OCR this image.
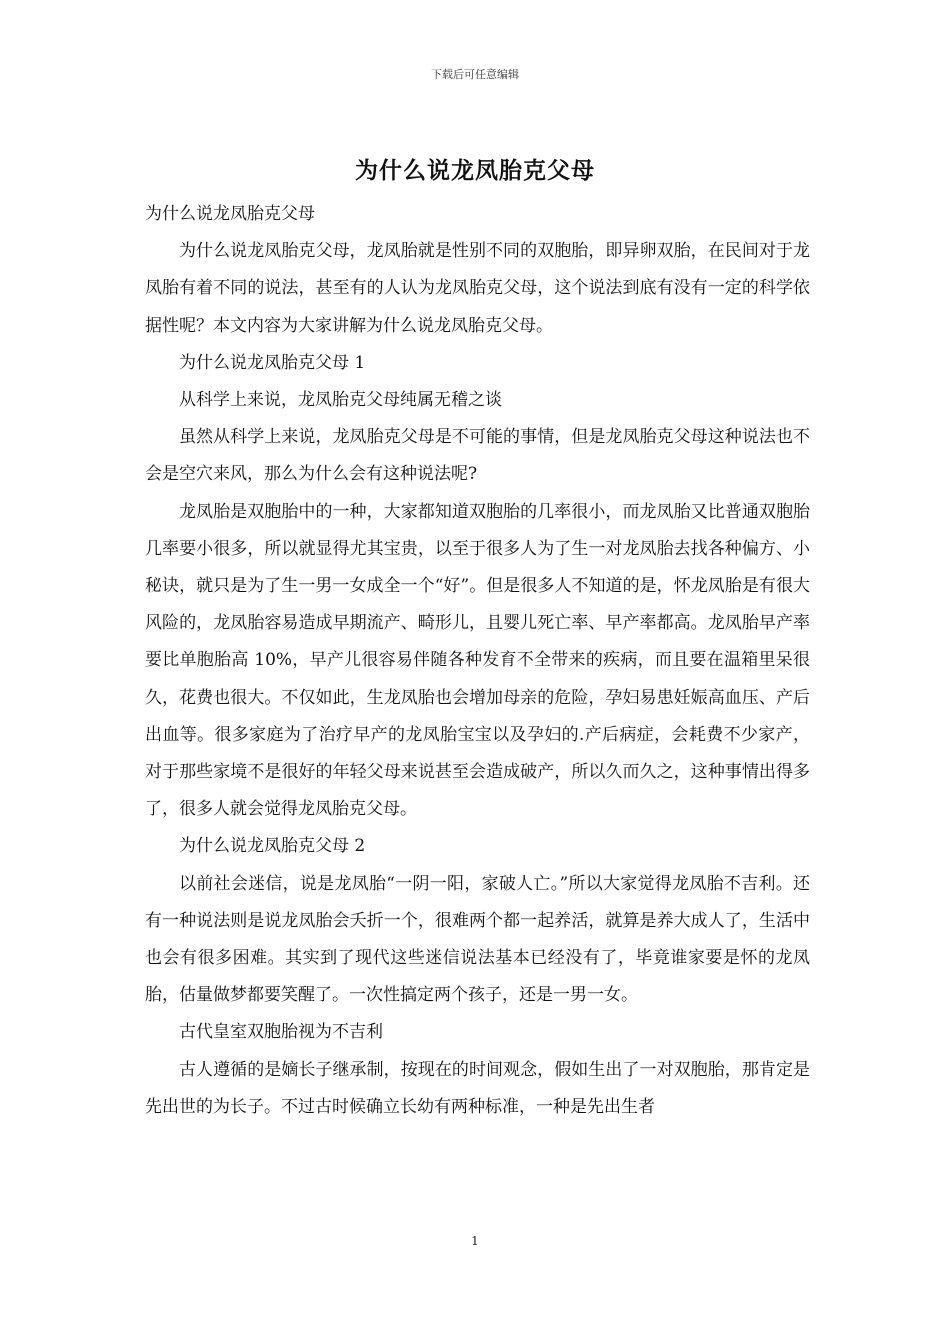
下载后可任意编辑
为什么说龙凤胎克父母

为什么说龙凤胎克父母

为什么说龙凤胎克父母，龙凤胎就是性别不同的双胞胎，即异卵双胎，在民间对于龙凤胎有着不同的说法，甚至有的人认为龙凤胎克父母，这个说法到底有没有一定的科学依据性呢？本文内容为大家讲解为什么说龙凤胎克父母。

为什么说龙凤胎克父母 1

从科学上来说，龙凤胎克父母纯属无稽之谈

虽然从科学上来说，龙凤胎克父母是不可能的事情，但是龙凤胎克父母这种说法也不会是空穴来风，那么为什么会有这种说法呢?

龙凤胎是双胞胎中的一种，大家都知道双胞胎的几率很小，而龙凤胎又比普通双胞胎几率要小很多，所以就显得尤其宝贵，以至于很多人为了生一对龙凤胎去找各种偏方、小秘诀，就只是为了生一男一女成全一个“好”。但是很多人不知道的是，怀龙凤胎是有很大风险的，龙凤胎容易造成早期流产、畸形儿，且婴儿死亡率、早产率都高。龙凤胎早产率要比单胞胎高 10%，早产儿很容易伴随各种发育不全带来的疾病，而且要在温箱里呆很久，花费也很大。不仅如此，生龙凤胎也会增加母亲的危险，孕妇易患妊娠高血压、产后出血等。很多家庭为了治疗早产的龙凤胎宝宝以及孕妇的.产后病症，会耗费不少家产，对于那些家境不是很好的年轻父母来说甚至会造成破产，所以久而久之，这种事情出得多了，很多人就会觉得龙凤胎克父母。

为什么说龙凤胎克父母 2

以前社会迷信，说是龙凤胎“一阴一阳，家破人亡。”所以大家觉得龙凤胎不吉利。还有一种说法则是说龙凤胎会夭折一个，很难两个都一起养活，就算是养大成人了，生活中也会有很多困难。其实到了现代这些迷信说法基本已经没有了，毕竟谁家要是怀的龙凤胎，估量做梦都要笑醒了。一次性搞定两个孩子，还是一男一女。

古代皇室双胞胎视为不吉利

古人遵循的是嫡长子继承制，按现在的时间观念，假如生出了一对双胞胎，那肯定是先出世的为长子。不过古时候确立长幼有两种标准，一种是先出生者

1
